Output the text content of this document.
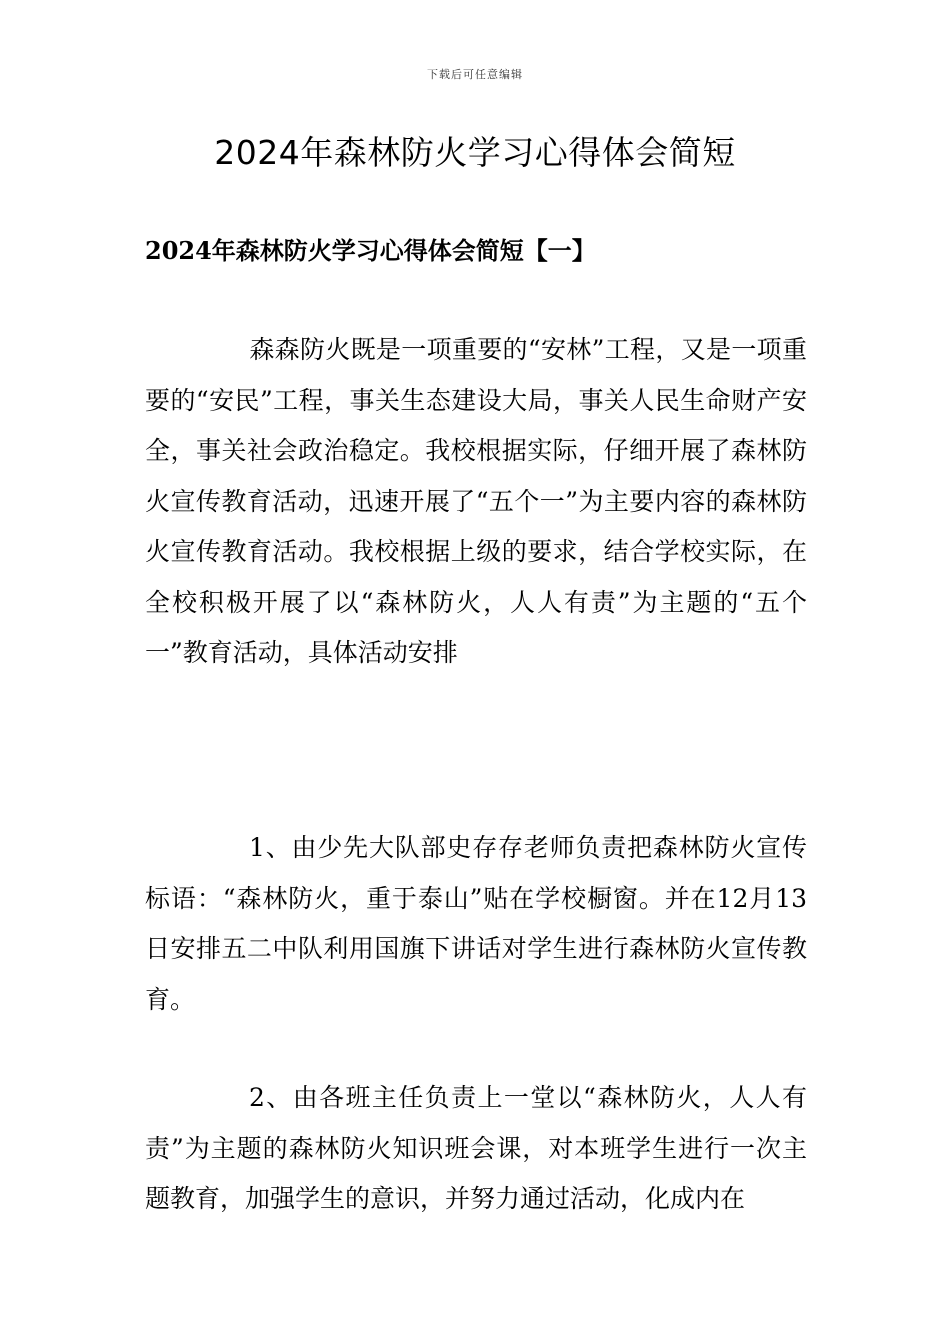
下载后可任意编辑
2024年森林防火学习心得体会简短
2024年森林防火学习心得体会简短【一】

森森防火既是一项重要的“安林”工程，又是一项重要的“安民”工程，事关生态建设大局，事关人民生命财产安全，事关社会政治稳定。我校根据实际，仔细开展了森林防火宣传教育活动，迅速开展了“五个一”为主要内容的森林防火宣传教育活动。我校根据上级的要求，结合学校实际，在全校积极开展了以“森林防火，人人有责”为主题的“五个一”教育活动，具体活动安排

1、由少先大队部史存存老师负责把森林防火宣传标语：“森林防火，重于泰山”贴在学校橱窗。并在12月13日安排五二中队利用国旗下讲话对学生进行森林防火宣传教育。

2、由各班主任负责上一堂以“森林防火，人人有责”为主题的森林防火知识班会课，对本班学生进行一次主题教育，加强学生的意识，并努力通过活动，化成内在
